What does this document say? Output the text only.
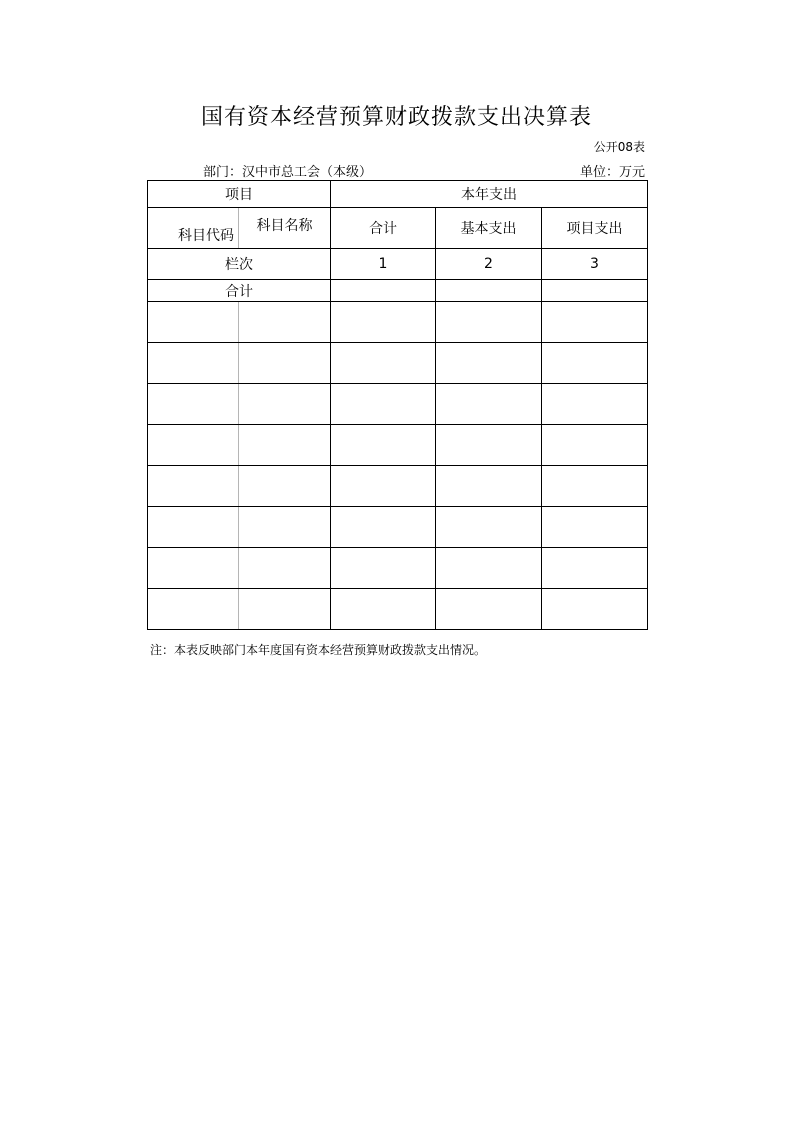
国有资本经营预算财政拨款支出决算表
公开08表
部门：汉中市总工会（本级）	单位：万元
项目		本年支出		

科目代码	科目名称	合计	基本支出	项目支出
栏次		1	2	3
合计				

注：本表反映部门本年度国有资本经营预算财政拨款支出情况。
